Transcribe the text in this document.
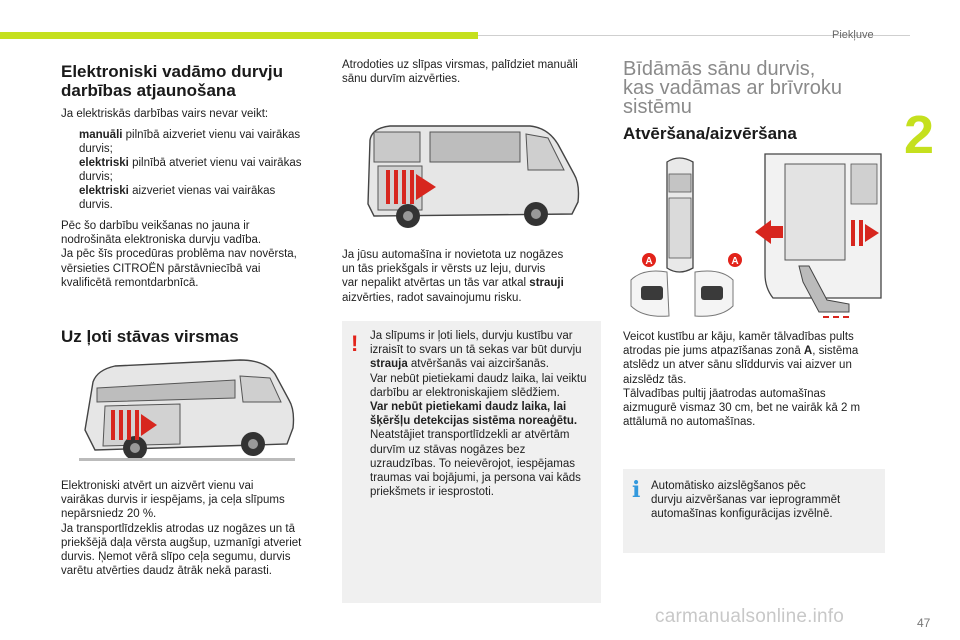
Piekļuve
2
Elektroniski vadāmo durvju
darbības atjaunošana
Ja elektriskās darbības vairs nevar veikt:
manuāli pilnībā aizveriet vienu vai vairākas
durvis;
elektriski pilnībā atveriet vienu vai vairākas
durvis;
elektriski aizveriet vienas vai vairākas
durvis.
Pēc šo darbību veikšanas no jauna ir
nodrošināta elektroniska durvju vadība.
Ja pēc šīs procedūras problēma nav novērsta,
vērsieties CITROËN pārstāvniecībā vai
kvalificētā remontdarbnīcā.
Uz ļoti stāvas virsmas
Elektroniski atvērt un aizvērt vienu vai
vairākas durvis ir iespējams, ja ceļa slīpums
nepārsniedz 20 %.
Ja transportlīdzeklis atrodas uz nogāzes un tā
priekšējā daļa vērsta augšup, uzmanīgi atveriet
durvis. Ņemot vērā slīpo ceļa segumu, durvis
varētu atvērties daudz ātrāk nekā parasti.
Atrodoties uz slīpas virsmas, palīdziet manuāli
sānu durvīm aizvērties.
Ja jūsu automašīna ir novietota uz nogāzes
un tās priekšgals ir vērsts uz leju, durvis
var nepalikt atvērtas un tās var atkal strauji
aizvērties, radot savainojumu risku.
! Ja slīpums ir ļoti liels, durvju kustību var
izraisīt to svars un tā sekas var būt durvju
strauja atvēršanās vai aizciršanās.
Var nebūt pietiekami daudz laika, lai veiktu
darbību ar elektroniskajiem slēdžiem.
Var nebūt pietiekami daudz laika, lai
šķēršļu detekcijas sistēma noreaģētu.
Neatstājiet transportlīdzekli ar atvērtām
durvīm uz stāvas nogāzes bez
uzraudzības. To neievērojot, iespējamas
traumas vai bojājumi, ja persona vai kāds
priekšmets ir iesprostoti.
Bīdāmās sānu durvis,
kas vadāmas ar brīvroku
sistēmu
Atvēršana/aizvēršana
A	A
Veicot kustību ar kāju, kamēr tālvadības pults
atrodas pie jums atpazīšanas zonā A, sistēma
atslēdz un atver sānu slīddurvis vai aizver un
aizslēdz tās.
Tālvadības pultij jāatrodas automašīnas
aizmugurē vismaz 30 cm, bet ne vairāk kā 2 m
attālumā no automašīnas.
i Automātisko aizslēgšanos pēc
durvju aizvēršanas var ieprogrammēt
automašīnas konfigurācijas izvēlnē.
carmanualsonline.info	47
